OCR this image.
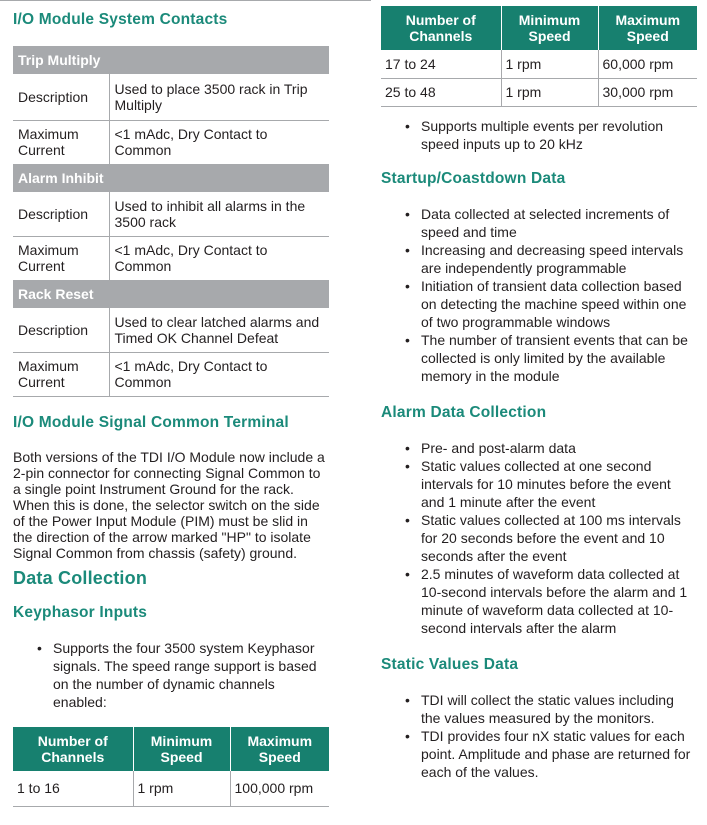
I/O Module System Contacts
Trip Multiply	
Description	Used to place 3500 rack in Trip Multiply
Maximum Current	<1 mAdc, Dry Contact to Common
Alarm Inhibit	
Description	Used to inhibit all alarms in the 3500 rack
Maximum Current	<1 mAdc, Dry Contact to Common
Rack Reset	
Description	Used to clear latched alarms and Timed OK Channel Defeat
Maximum Current	<1 mAdc, Dry Contact to Common
I/O Module Signal Common Terminal

Both versions of the TDI I/O Module now include a 2-pin connector for connecting Signal Common to a single point Instrument Ground for the rack. When this is done, the selector switch on the side of the Power Input Module (PIM) must be slid in the direction of the arrow marked "HP" to isolate Signal Common from chassis (safety) ground.

Data Collection
Keyphasor Inputs
• Supports the four 3500 system Keyphasor signals. The speed range support is based on the number of dynamic channels enabled:
Number of Channels	Minimum Speed	Maximum Speed
1 to 16	1 rpm	100,000 rpm
Number of Channels	Minimum Speed	Maximum Speed
17 to 24	1 rpm	60,000 rpm
25 to 48	1 rpm	30,000 rpm
• Supports multiple events per revolution speed inputs up to 20 kHz
Startup/Coastdown Data
• Data collected at selected increments of speed and time
• Increasing and decreasing speed intervals are independently programmable
• Initiation of transient data collection based on detecting the machine speed within one of two programmable windows
• The number of transient events that can be collected is only limited by the available memory in the module
Alarm Data Collection
• Pre- and post-alarm data
• Static values collected at one second intervals for 10 minutes before the event and 1 minute after the event
• Static values collected at 100 ms intervals for 20 seconds before the event and 10 seconds after the event
• 2.5 minutes of waveform data collected at 10-second intervals before the alarm and 1 minute of waveform data collected at 10-second intervals after the alarm
Static Values Data
• TDI will collect the static values including the values measured by the monitors.
• TDI provides four nX static values for each point. Amplitude and phase are returned for each of the values.
